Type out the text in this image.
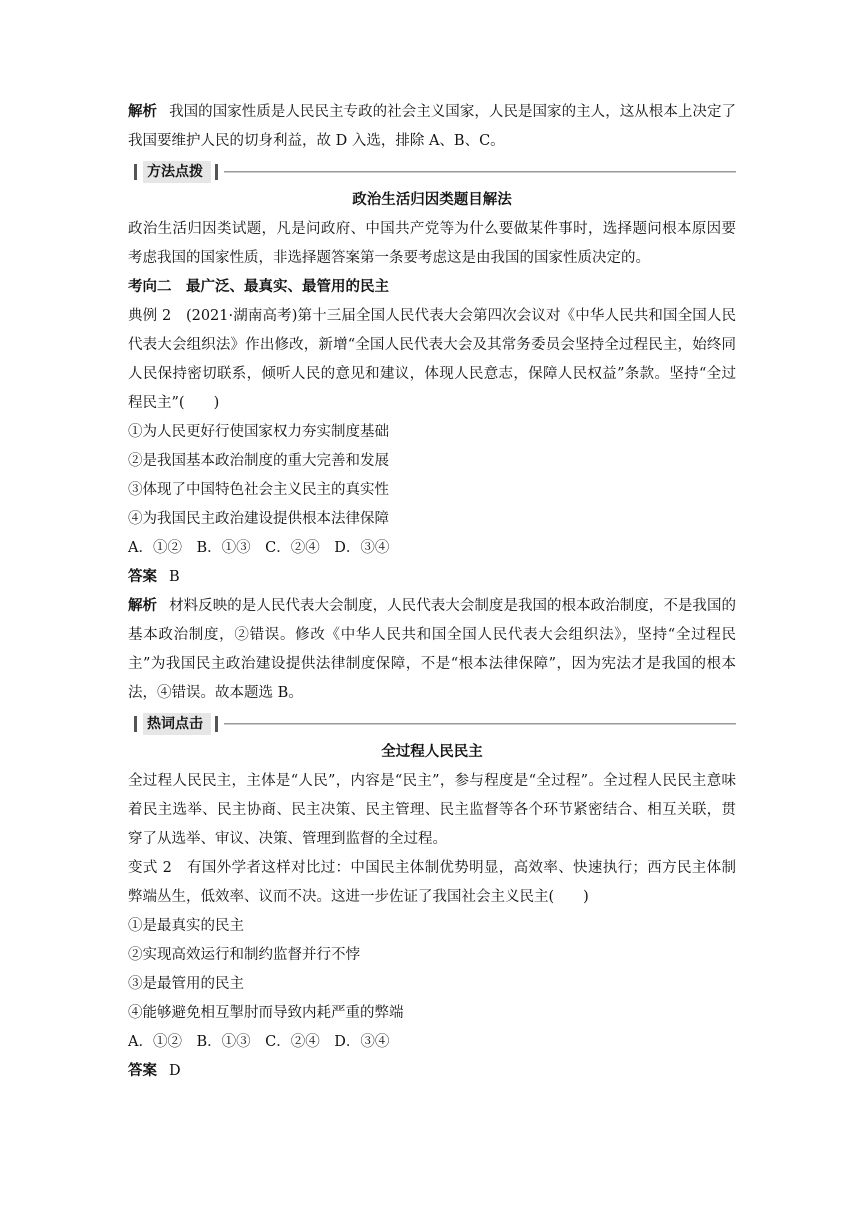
解析 我国的国家性质是人民民主专政的社会主义国家，人民是国家的主人，这从根本上决定了我国要维护人民的切身利益，故 D 入选，排除 A、B、C。

方法点拨

政治生活归因类题目解法

政治生活归因类试题，凡是问政府、中国共产党等为什么要做某件事时，选择题问根本原因要考虑我国的国家性质，非选择题答案第一条要考虑这是由我国的国家性质决定的。

考向二　最广泛、最真实、最管用的民主

典例 2　(2021·湖南高考)第十三届全国人民代表大会第四次会议对《中华人民共和国全国人民代表大会组织法》作出修改，新增“全国人民代表大会及其常务委员会坚持全过程民主，始终同人民保持密切联系，倾听人民的意见和建议，体现人民意志，保障人民权益”条款。坚持“全过程民主”(　　)

①为人民更好行使国家权力夯实制度基础

②是我国基本政治制度的重大完善和发展

③体现了中国特色社会主义民主的真实性

④为我国民主政治建设提供根本法律保障

A．①②　B．①③　C．②④　D．③④

答案 B

解析 材料反映的是人民代表大会制度，人民代表大会制度是我国的根本政治制度，不是我国的基本政治制度，②错误。修改《中华人民共和国全国人民代表大会组织法》，坚持“全过程民主”为我国民主政治建设提供法律制度保障，不是“根本法律保障”，因为宪法才是我国的根本法，④错误。故本题选 B。

热词点击

全过程人民民主

全过程人民民主，主体是“人民”，内容是“民主”，参与程度是“全过程”。全过程人民民主意味着民主选举、民主协商、民主决策、民主管理、民主监督等各个环节紧密结合、相互关联，贯穿了从选举、审议、决策、管理到监督的全过程。

变式 2　有国外学者这样对比过：中国民主体制优势明显，高效率、快速执行；西方民主体制弊端丛生，低效率、议而不决。这进一步佐证了我国社会主义民主(　　)

①是最真实的民主

②实现高效运行和制约监督并行不悖

③是最管用的民主

④能够避免相互掣肘而导致内耗严重的弊端

A．①②　B．①③　C．②④　D．③④

答案 D
